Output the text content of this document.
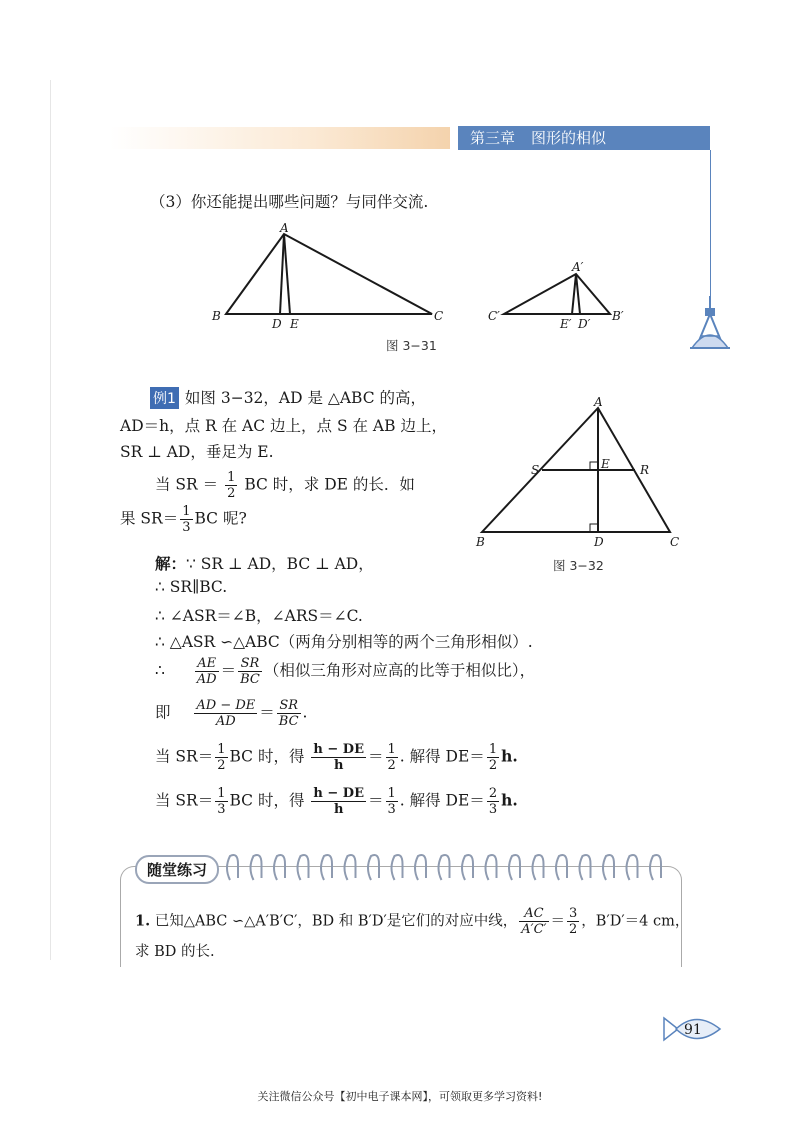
第三章 图形的相似
（3）你还能提出哪些问题？与同伴交流.
A
B	C
D E
A′
C′	B′
E′ D′
图 3−31
例1 如图 3−32，AD 是 △ABC 的高，
AD＝h，点 R 在 AC 边上，点 S 在 AB 边上，
SR ⊥ AD，垂足为 E.
当 SR ＝ $\frac{1}{2}$ BC 时，求 DE 的长．如
果 $SR= \frac{1}{3}$ BC 呢?
A
B	C
D
E	R
S
图 3−32
解：∵ SR ⊥ AD，BC ⊥ AD，
∴ SR∥BC.
∴ ∠ASR＝∠B，∠ARS＝∠C.
∴ △ASR ∽△ABC（两角分别相等的两个三角形相似）.
∴ $\frac{AE}{AD} = \frac{SR}{BC}$ （相似三角形对应高的比等于相似比），
即 $\frac{AD - DE}{AD} = \frac{SR}{BC}$ .
当 $SR= \frac{1}{2}$ BC 时，得 $\frac{h - DE}{h} = \frac{1}{2}$ . 解得 $DE= \frac{1}{2} h$.
当 $SR= \frac{1}{3}$ BC 时，得 $\frac{h - DE}{h} = \frac{1}{3}$ . 解得 $DE= \frac{2}{3} h$.
随堂练习
1. 已知△ABC ∽△A′B′C′，BD 和 B′D′是它们的对应中线， $\frac{AC}{A'C'} = \frac{3}{2}$ ，B′D′＝4 cm，
求 BD 的长.
91
关注微信公众号【初中电子课本网】，可领取更多学习资料!
